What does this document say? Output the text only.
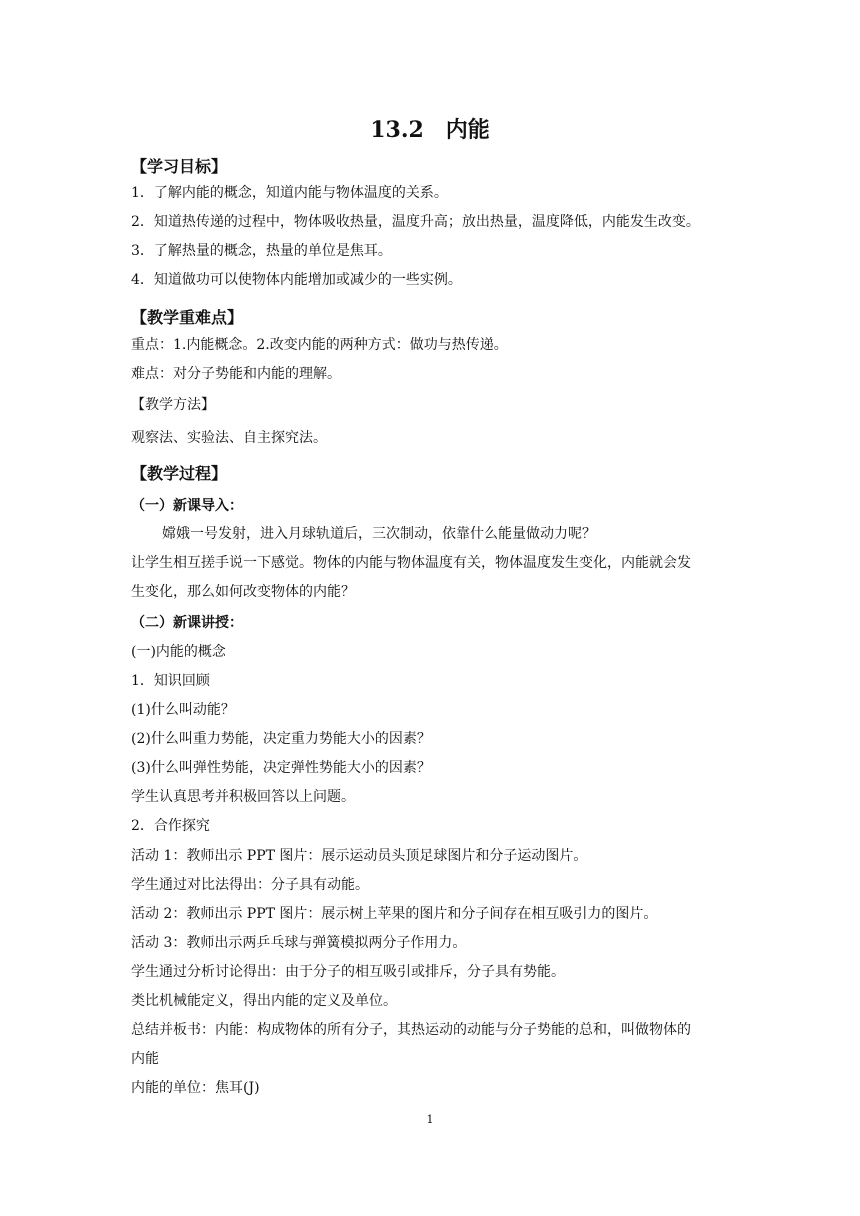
13.2　内能
【学习目标】
1．了解内能的概念，知道内能与物体温度的关系。
2．知道热传递的过程中，物体吸收热量，温度升高；放出热量，温度降低，内能发生改变。
3．了解热量的概念，热量的单位是焦耳。
4．知道做功可以使物体内能增加或减少的一些实例。
【教学重难点】
重点：1.内能概念。2.改变内能的两种方式：做功与热传递。
难点：对分子势能和内能的理解。
【教学方法】
观察法、实验法、自主探究法。
【教学过程】
（一）新课导入：
嫦娥一号发射，进入月球轨道后，三次制动，依靠什么能量做动力呢？
让学生相互搓手说一下感觉。物体的内能与物体温度有关，物体温度发生变化，内能就会发
生变化，那么如何改变物体的内能？
（二）新课讲授：
(一)内能的概念
1．知识回顾
(1)什么叫动能？
(2)什么叫重力势能，决定重力势能大小的因素？
(3)什么叫弹性势能，决定弹性势能大小的因素？
学生认真思考并积极回答以上问题。
2．合作探究
活动 1：教师出示 PPT 图片：展示运动员头顶足球图片和分子运动图片。
学生通过对比法得出：分子具有动能。
活动 2：教师出示 PPT 图片：展示树上苹果的图片和分子间存在相互吸引力的图片。
活动 3：教师出示两乒乓球与弹簧模拟两分子作用力。
学生通过分析讨论得出：由于分子的相互吸引或排斥，分子具有势能。
类比机械能定义，得出内能的定义及单位。
总结并板书：内能：构成物体的所有分子，其热运动的动能与分子势能的总和，叫做物体的
内能
内能的单位：焦耳(J)
1
